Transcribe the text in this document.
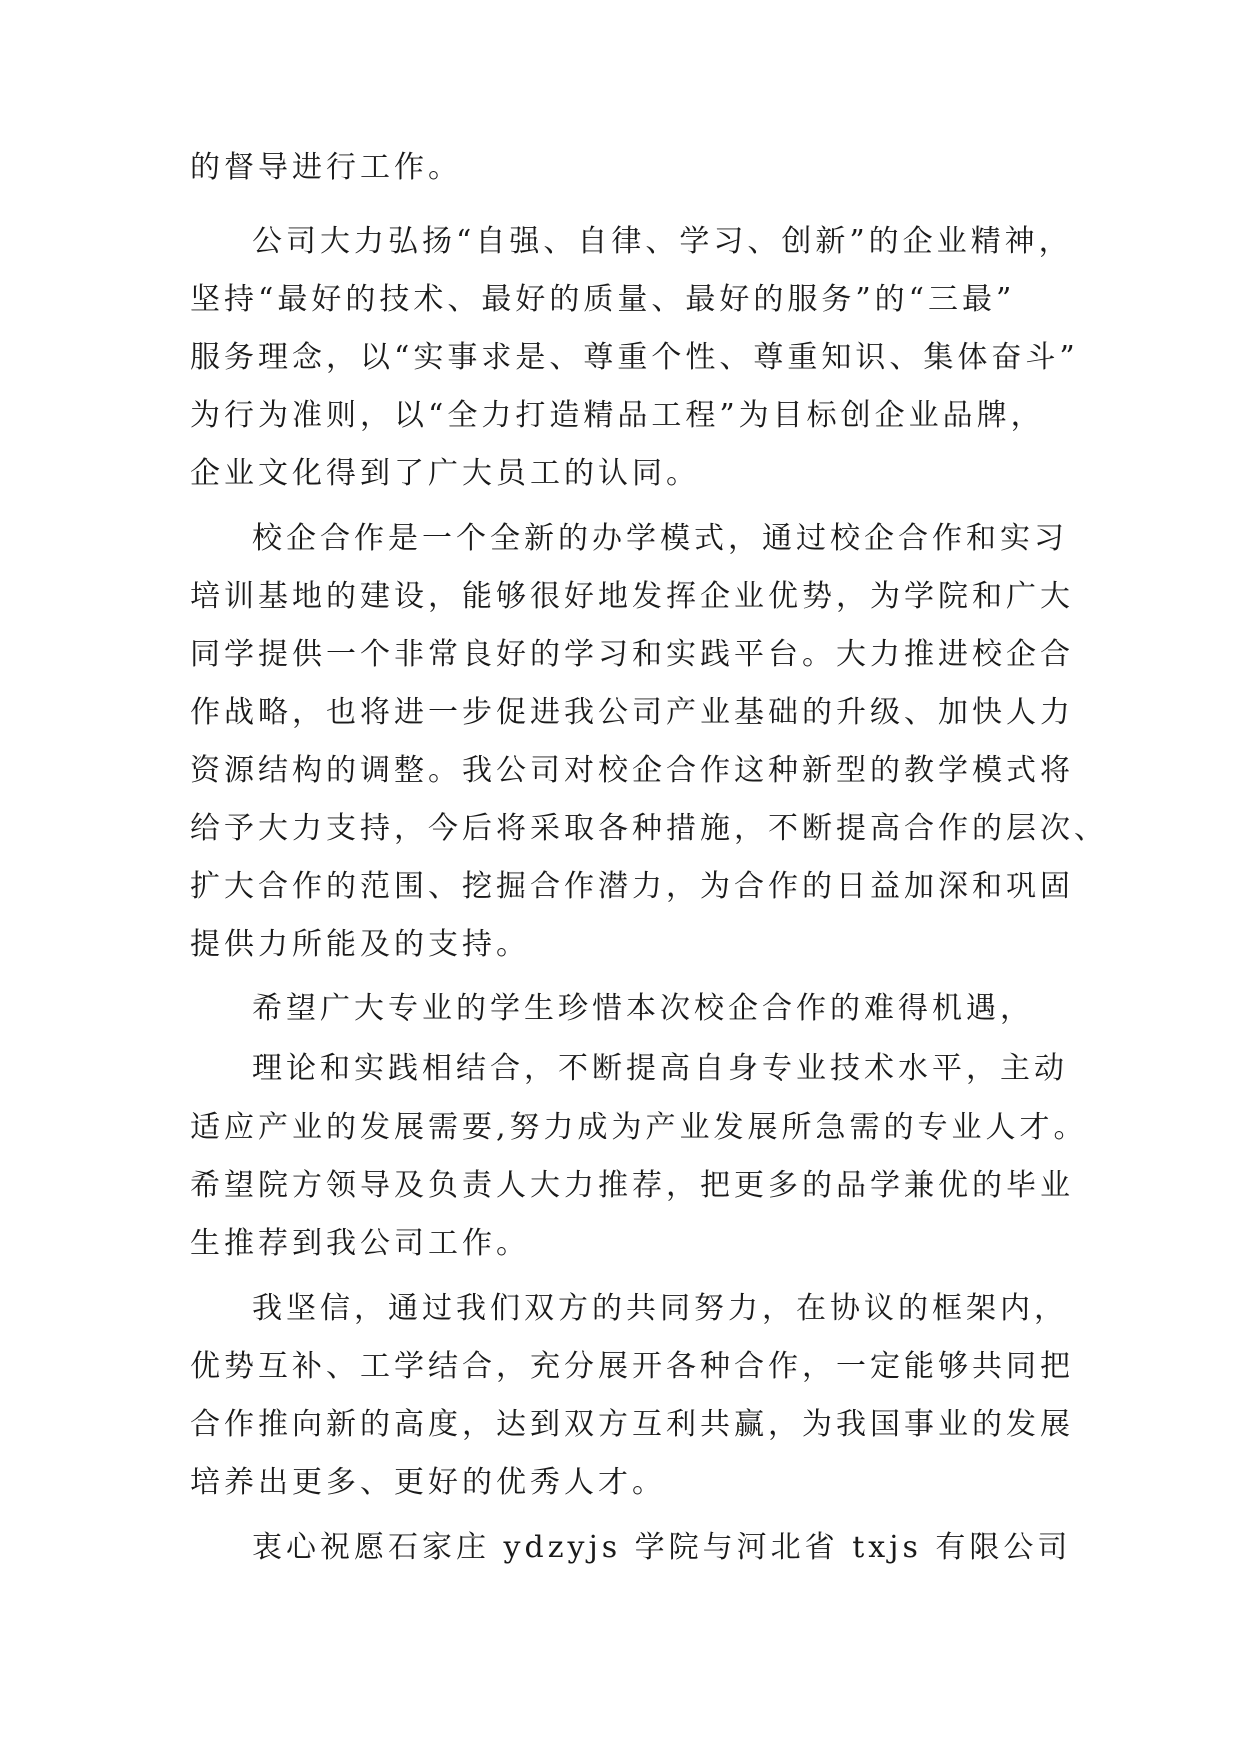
的督导进行工作。
公司大力弘扬“自强、自律、学习、创新”的企业精神，
坚持“最好的技术、最好的质量、最好的服务”的“三最”
服务理念，以“实事求是、尊重个性、尊重知识、集体奋斗”
为行为准则，以“全力打造精品工程”为目标创企业品牌，
企业文化得到了广大员工的认同。
校企合作是一个全新的办学模式，通过校企合作和实习
培训基地的建设，能够很好地发挥企业优势，为学院和广大
同学提供一个非常良好的学习和实践平台。大力推进校企合
作战略，也将进一步促进我公司产业基础的升级、加快人力
资源结构的调整。我公司对校企合作这种新型的教学模式将
给予大力支持，今后将采取各种措施，不断提高合作的层次、
扩大合作的范围、挖掘合作潜力，为合作的日益加深和巩固
提供力所能及的支持。
希望广大专业的学生珍惜本次校企合作的难得机遇，
理论和实践相结合，不断提高自身专业技术水平，主动
适应产业的发展需要,努力成为产业发展所急需的专业人才。
希望院方领导及负责人大力推荐，把更多的品学兼优的毕业
生推荐到我公司工作。
我坚信，通过我们双方的共同努力，在协议的框架内，
优势互补、工学结合，充分展开各种合作，一定能够共同把
合作推向新的高度，达到双方互利共赢，为我国事业的发展
培养出更多、更好的优秀人才。
衷心祝愿石家庄 ydzyjs 学院与河北省 txjs 有限公司
